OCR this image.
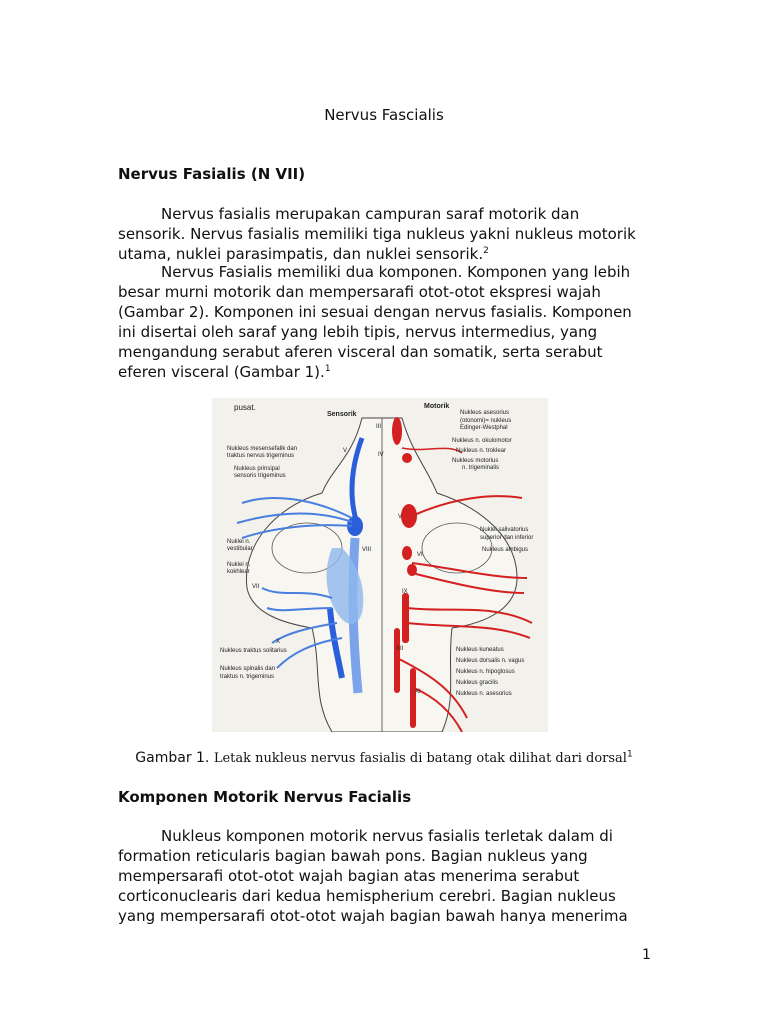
Nervus Fascialis
Nervus Fasialis (N VII)

Nervus fasialis merupakan campuran saraf motorik dan
sensorik. Nervus fasialis memiliki tiga nukleus yakni nukleus motorik
utama, nuklei parasimpatis, dan nuklei sensorik.$^2$

Nervus Fasialis memiliki dua komponen. Komponen yang lebih
besar murni motorik dan mempersarafi otot-otot ekspresi wajah
(Gambar 2). Komponen ini sesuai dengan nervus fasialis. Komponen
ini disertai oleh saraf yang lebih tipis, nervus intermedius, yang
mengandung serabut aferen visceral dan somatik, serta serabut
eferen visceral (Gambar 1).$^1$

pusat.
Sensorik
Motorik
Nukleus mesensefalik dan
traktus nervus trigeminus
Nukleus prinsipal
sensoris trigeminus
Nuklei n.
vestibular
Nuklei n.
kokhlear
Nukleus traktus solitarius
Nukleus spinalis dan
traktus n. trigeminus
Nukleus asesorius
(otonomi)= nukleus
Edinger-Westphal
Nukleus n. okulomotor
Nukleus n. troklear
Nukleus motorius
n. trigeminalis
Nuklei salivatorius
superior dan inferior
Nukleus ambigus
Nukleus kuneatus
Nukleus dorsalis n. vagus
Nukleus n. hipoglosus
Nukleus gracilis
Nukleus n. asesorius
III
IV
V
V
VI
VII
VIII
IX
X
XI
XII
Gambar 1. Letak nukleus nervus fasialis di batang otak dilihat dari dorsal$^1$
Komponen Motorik Nervus Facialis

Nukleus komponen motorik nervus fasialis terletak dalam di
formation reticularis bagian bawah pons. Bagian nukleus yang
mempersarafi otot-otot wajah bagian atas menerima serabut
corticonuclearis dari kedua hemispherium cerebri. Bagian nukleus
yang mempersarafi otot-otot wajah bagian bawah hanya menerima

1
